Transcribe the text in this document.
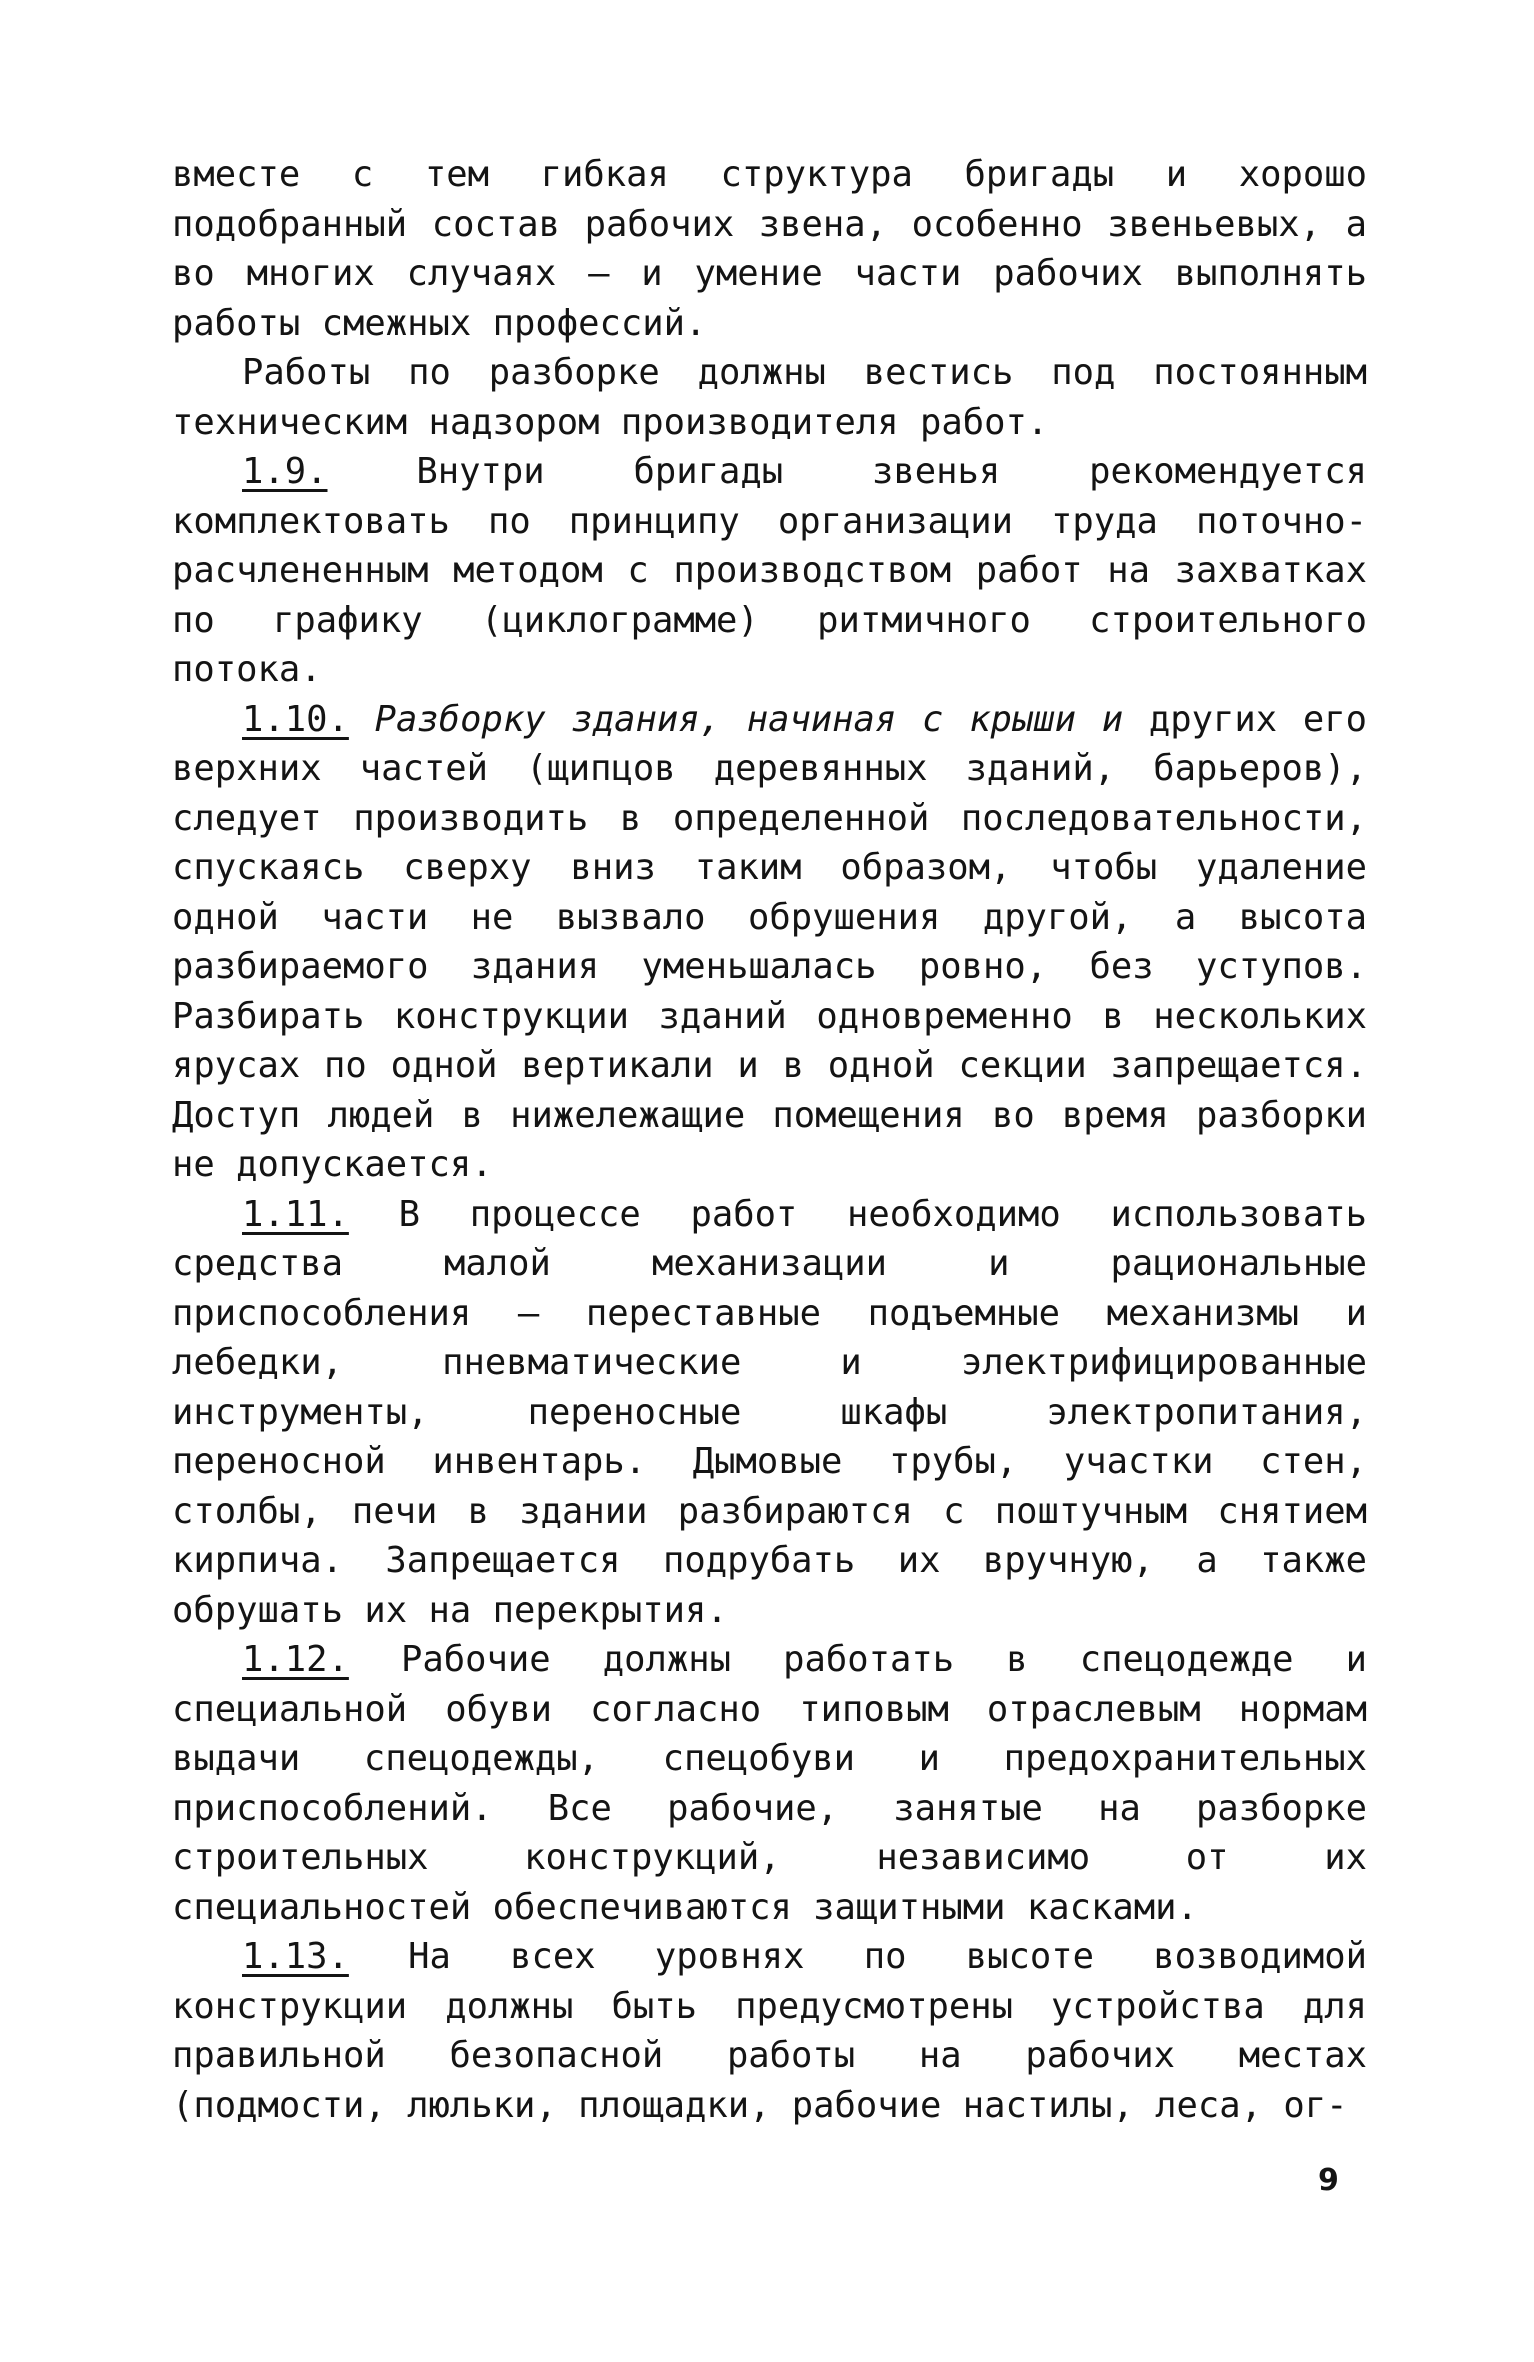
вместе с тем гибкая структура бригады и хорошо подобранный состав рабочих звена, особенно звеньевых, а во многих случаях – и умение части рабочих выполнять работы смежных профессий.

Работы по разборке должны вестись под постоянным техническим надзором производителя работ.

1.9. Внутри бригады звенья рекомендуется комплектовать по принципу организации труда поточно-расчлененным методом с производством работ на захватках по графику (циклограмме) ритмичного строительного потока.

1.10. Разборку здания, начиная с крыши и других его верхних частей (щипцов деревянных зданий, барьеров), следует производить в определенной последовательности, спускаясь сверху вниз таким образом, чтобы удаление одной части не вызвало обрушения другой, а высота разбираемого здания уменьшалась ровно, без уступов. Разбирать конструкции зданий одновременно в нескольких ярусах по одной вертикали и в одной секции запрещается. Доступ людей в нижележащие помещения во время разборки не допускается.

1.11. В процессе работ необходимо использовать средства малой механизации и рациональные приспособления – переставные подъемные механизмы и лебедки, пневматические и электрифицированные инструменты, переносные шкафы электропитания, переносной инвентарь. Дымовые трубы, участки стен, столбы, печи в здании разбираются с поштучным снятием кирпича. Запрещается подрубать их вручную, а также обрушать их на перекрытия.

1.12. Рабочие должны работать в спецодежде и специальной обуви согласно типовым отраслевым нормам выдачи спецодежды, спецобуви и предохранительных приспособлений. Все рабочие, занятые на разборке строительных конструкций, независимо от их специальностей обеспечиваются защитными касками.

1.13. На всех уровнях по высоте возводимой конструкции должны быть предусмотрены устройства для правильной безопасной работы на рабочих местах (подмости, люльки, площадки, рабочие настилы, леса, ог-

9
